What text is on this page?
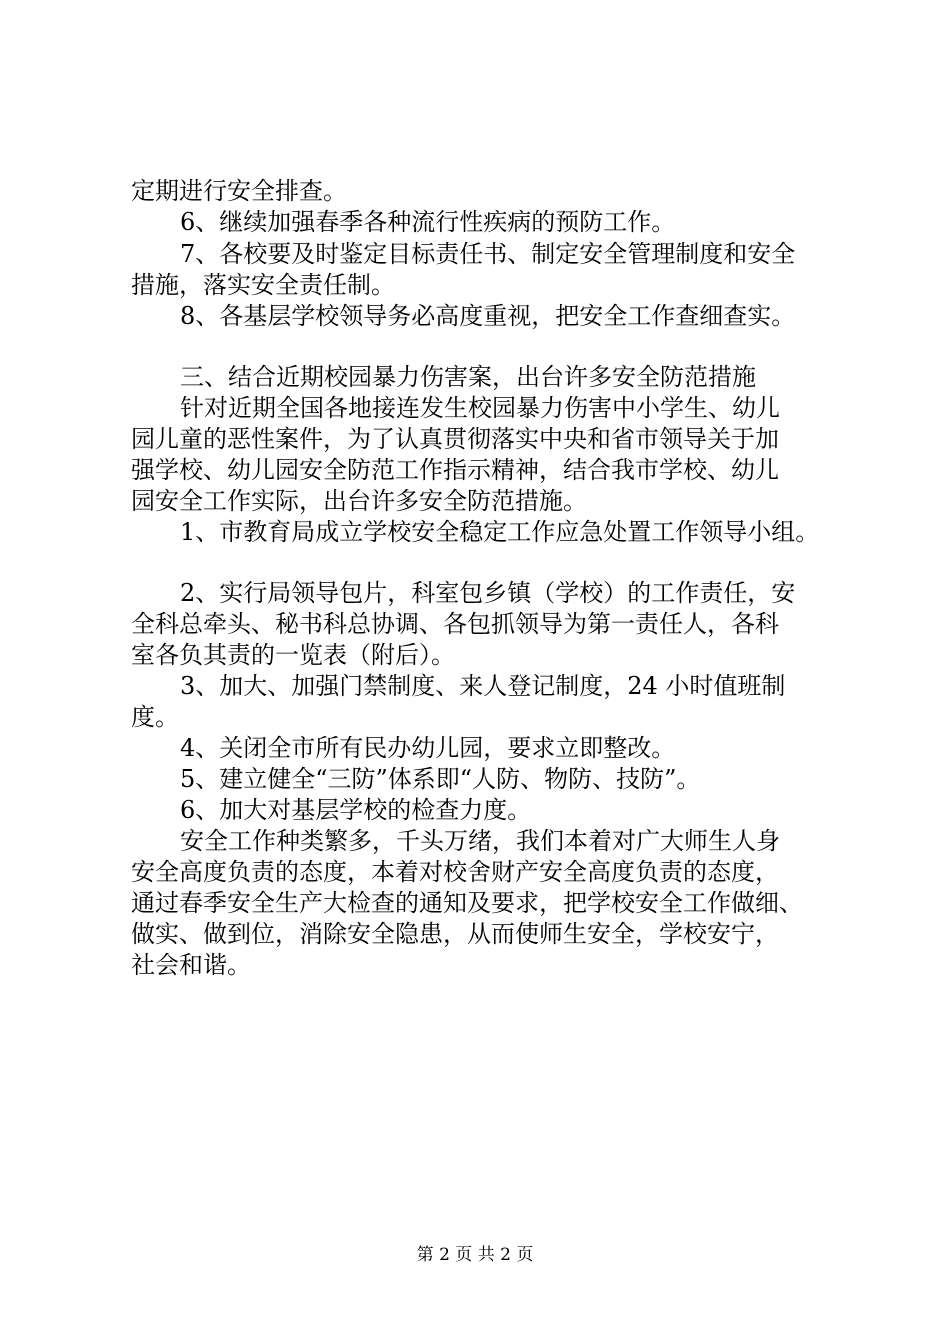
定期进行安全排查。
6、继续加强春季各种流行性疾病的预防工作。
7、各校要及时鉴定目标责任书、制定安全管理制度和安全
措施，落实安全责任制。
8、各基层学校领导务必高度重视，把安全工作查细查实。
三、结合近期校园暴力伤害案，出台许多安全防范措施
针对近期全国各地接连发生校园暴力伤害中小学生、幼儿
园儿童的恶性案件，为了认真贯彻落实中央和省市领导关于加
强学校、幼儿园安全防范工作指示精神，结合我市学校、幼儿
园安全工作实际，出台许多安全防范措施。
1、市教育局成立学校安全稳定工作应急处置工作领导小组。
2、实行局领导包片，科室包乡镇（学校）的工作责任，安
全科总牵头、秘书科总协调、各包抓领导为第一责任人，各科
室各负其责的一览表（附后）。
3、加大、加强门禁制度、来人登记制度，24 小时值班制
度。
4、关闭全市所有民办幼儿园，要求立即整改。
5、建立健全“三防”体系即“人防、物防、技防”。
6、加大对基层学校的检查力度。
安全工作种类繁多，千头万绪，我们本着对广大师生人身
安全高度负责的态度，本着对校舍财产安全高度负责的态度，
通过春季安全生产大检查的通知及要求，把学校安全工作做细、
做实、做到位，消除安全隐患，从而使师生安全，学校安宁，
社会和谐。
第 2 页 共 2 页
